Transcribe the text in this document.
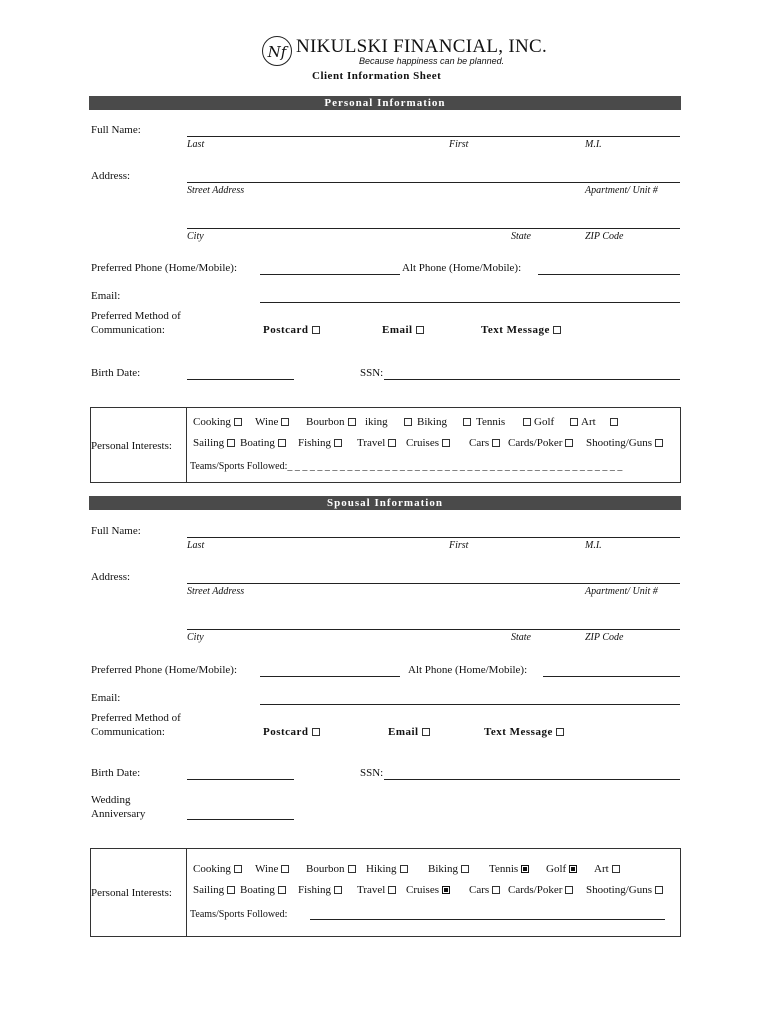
Nf NIKULSKI FINANCIAL, INC.
Because happiness can be planned.
Client Information Sheet
Personal Information
Full Name:
Last	First	M.I.
Address:
Street Address	Apartment/ Unit #
City	State	ZIP Code
Preferred Phone (Home/Mobile):	Alt Phone (Home/Mobile):
Email:
Preferred Method of
Communication:	Postcard	Email	Text Message
Birth Date:	SSN:
Personal Interests:
Cooking	Wine	Bourbon	iking	Biking	Tennis	Golf	Art
Sailing	Boating	Fishing	Travel	Cruises	Cars	Cards/Poker	Shooting/Guns
Teams/Sports Followed:_ _ _ _ _ _ _ _ _ _ _ _ _ _ _ _ _ _ _ _ _ _ _ _ _ _ _ _ _ _ _ _ _ _ _ _ _ _ _ _ _ _ _ _ _
Spousal Information
Full Name:
Last	First	M.I.
Address:
Street Address	Apartment/ Unit #
City	State	ZIP Code
Preferred Phone (Home/Mobile):	Alt Phone (Home/Mobile):
Email:
Preferred Method of
Communication:	Postcard	Email	Text Message
Birth Date:	SSN:
Wedding
Anniversary
Personal Interests:
Cooking	Wine	Bourbon	Hiking	Biking	Tennis	Golf	Art
Sailing	Boating	Fishing	Travel	Cruises	Cars	Cards/Poker	Shooting/Guns
Teams/Sports Followed:
